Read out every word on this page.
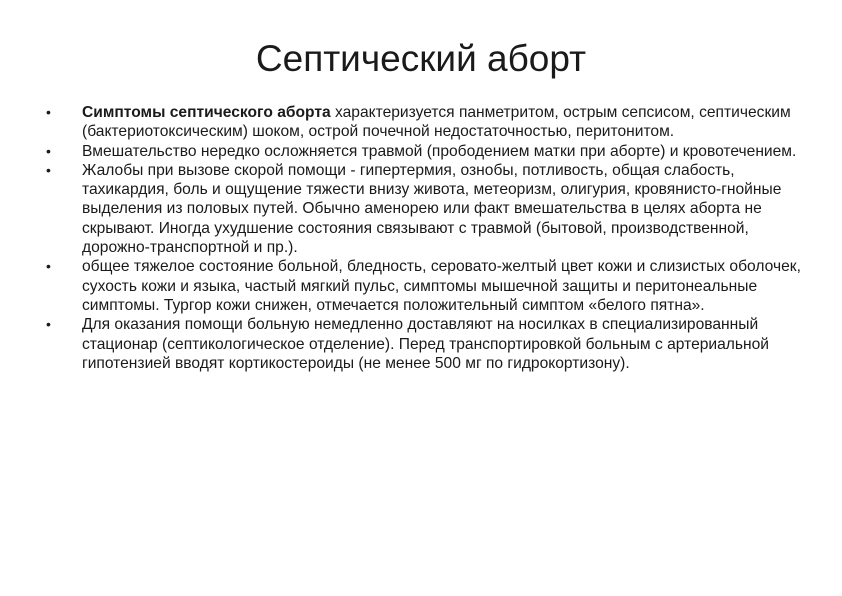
Септический аборт
• Симптомы септического аборта характеризуется панметритом, острым сепсисом, септическим (бактериотоксическим) шоком, острой почечной недостаточностью, перитонитом.
• Вмешательство нередко осложняется травмой (прободением матки при аборте) и кровотечением.
• Жалобы при вызове скорой помощи - гипертермия, ознобы, потливость, общая слабость, тахикардия, боль и ощущение тяжести внизу живота, метеоризм, олигурия, кровянисто-гнойные выделения из половых путей. Обычно аменорею или факт вмешательства в целях аборта не скрывают. Иногда ухудшение состояния связывают с травмой (бытовой, производственной, дорожно-транспортной и пр.).
• общее тяжелое состояние больной, бледность, серовато-желтый цвет кожи и слизистых оболочек, сухость кожи и языка, частый мягкий пульс, симптомы мышечной защиты и перитонеальные симптомы. Тургор кожи снижен, отмечается положительный симптом «белого пятна».
• Для оказания помощи больную немедленно доставляют на носилках в специализированный стационар (септикологическое отделение). Перед транспортировкой больным с артериальной гипотензией вводят кортикостероиды (не менее 500 мг по гидрокортизону).
